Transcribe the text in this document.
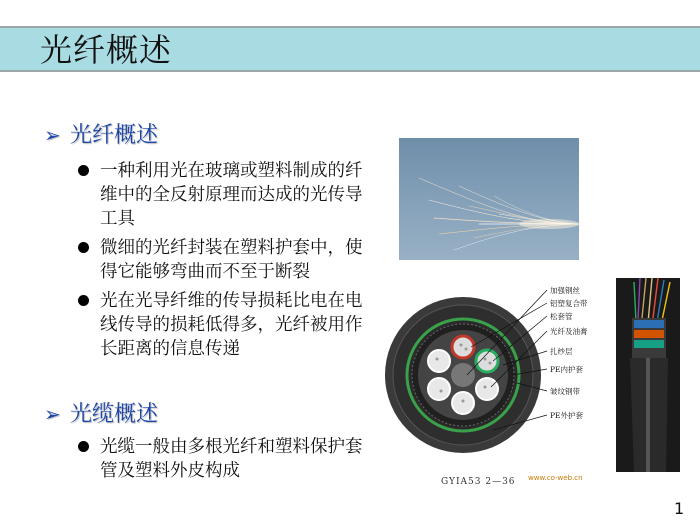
光纤概述
➢ 光纤概述
一种利用光在玻璃或塑料制成的纤维中的全反射原理而达成的光传导工具
微细的光纤封装在塑料护套中，使得它能够弯曲而不至于断裂
光在光导纤维的传导损耗比电在电线传导的损耗低得多，光纤被用作长距离的信息传递
➢ 光缆概述
光缆一般由多根光纤和塑料保护套管及塑料外皮构成
加强钢丝
铝塑复合带
松套管
光纤及油膏
扎纱层
PE内护套
皱纹钢带
PE外护套
GYIA53 2—36 www.co-web.cn
1
